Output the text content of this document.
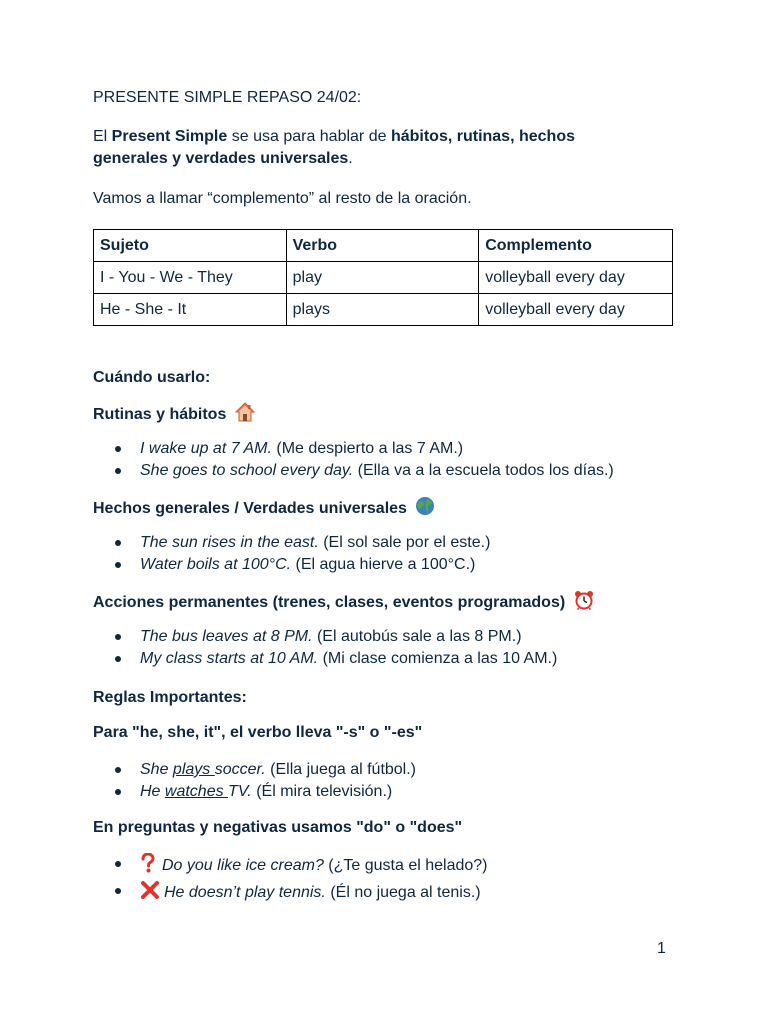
PRESENTE SIMPLE REPASO 24/02:
El Present Simple se usa para hablar de hábitos, rutinas, hechos
generales y verdades universales.
Vamos a llamar “complemento” al resto de la oración.
Sujeto	Verbo	Complemento
I - You - We - They	play	volleyball every day
He - She - It	plays	volleyball every day
Cuándo usarlo:
Rutinas y hábitos
I wake up at 7 AM. (Me despierto a las 7 AM.)
She goes to school every day. (Ella va a la escuela todos los días.)
Hechos generales / Verdades universales
The sun rises in the east. (El sol sale por el este.)
Water boils at 100°C. (El agua hierve a 100°C.)
Acciones permanentes (trenes, clases, eventos programados)
The bus leaves at 8 PM. (El autobús sale a las 8 PM.)
My class starts at 10 AM. (Mi clase comienza a las 10 AM.)
Reglas Importantes:
Para "he, she, it", el verbo lleva "-s" o "-es"
She plays soccer. (Ella juega al fútbol.)
He watches TV. (Él mira televisión.)
En preguntas y negativas usamos "do" o "does"
Do you like ice cream? (¿Te gusta el helado?)
He doesn’t play tennis. (Él no juega al tenis.)
1
